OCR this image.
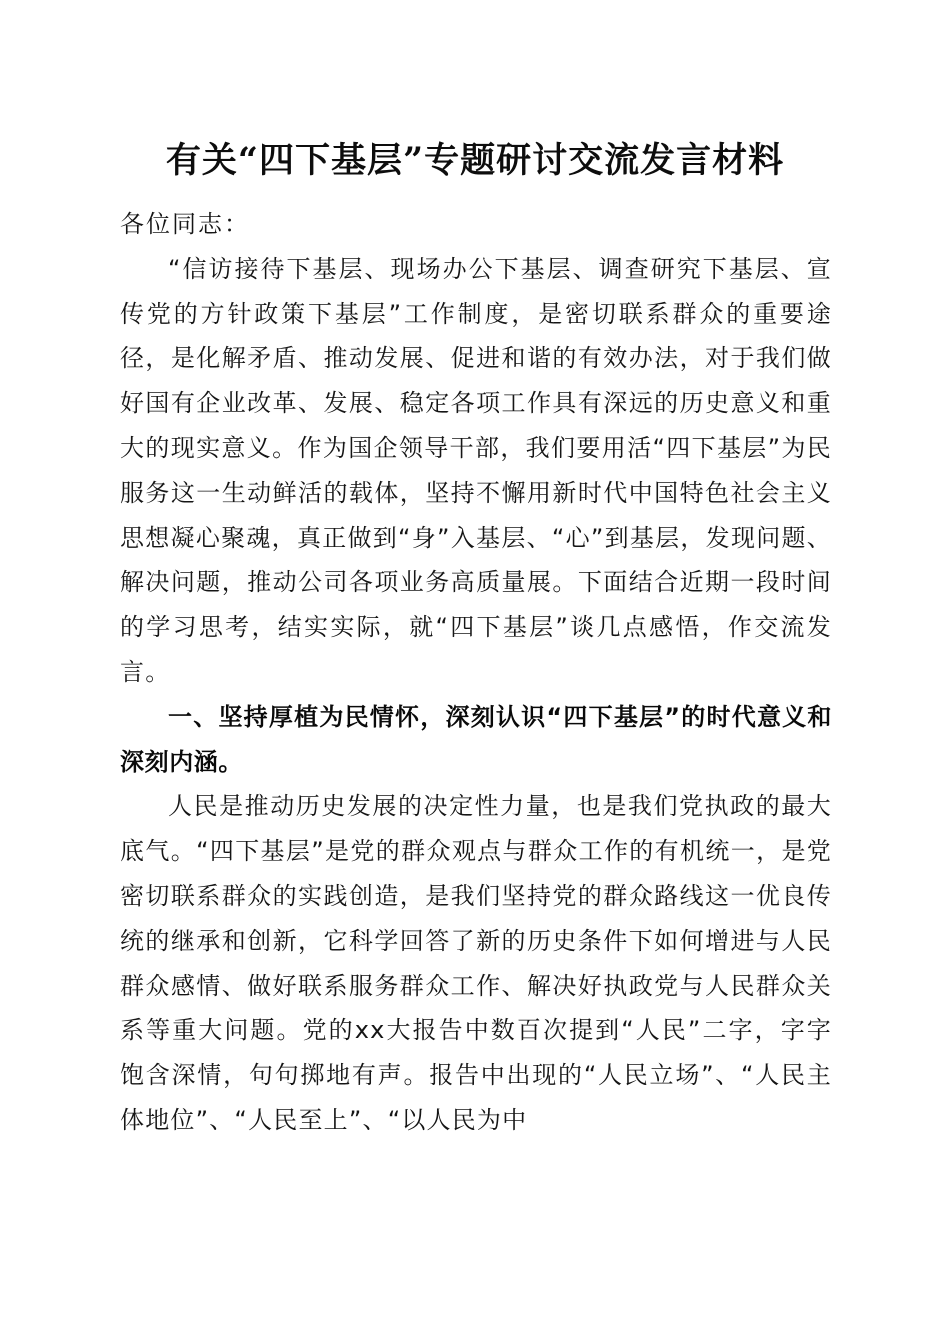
有关“四下基层”专题研讨交流发言材料

各位同志：

“信访接待下基层、现场办公下基层、调查研究下基层、宣传党的方针政策下基层”工作制度，是密切联系群众的重要途径，是化解矛盾、推动发展、促进和谐的有效办法，对于我们做好国有企业改革、发展、稳定各项工作具有深远的历史意义和重大的现实意义。作为国企领导干部，我们要用活“四下基层”为民服务这一生动鲜活的载体，坚持不懈用新时代中国特色社会主义思想凝心聚魂，真正做到“身”入基层、“心”到基层，发现问题、解决问题，推动公司各项业务高质量展。下面结合近期一段时间的学习思考，结实实际，就“四下基层”谈几点感悟，作交流发言。

一、坚持厚植为民情怀，深刻认识“四下基层”的时代意义和深刻内涵。

人民是推动历史发展的决定性力量，也是我们党执政的最大底气。“四下基层”是党的群众观点与群众工作的有机统一，是党密切联系群众的实践创造，是我们坚持党的群众路线这一优良传统的继承和创新，它科学回答了新的历史条件下如何增进与人民群众感情、做好联系服务群众工作、解决好执政党与人民群众关系等重大问题。党的xx大报告中数百次提到“人民”二字，字字饱含深情，句句掷地有声。报告中出现的“人民立场”、“人民主体地位”、“人民至上”、“以人民为中
